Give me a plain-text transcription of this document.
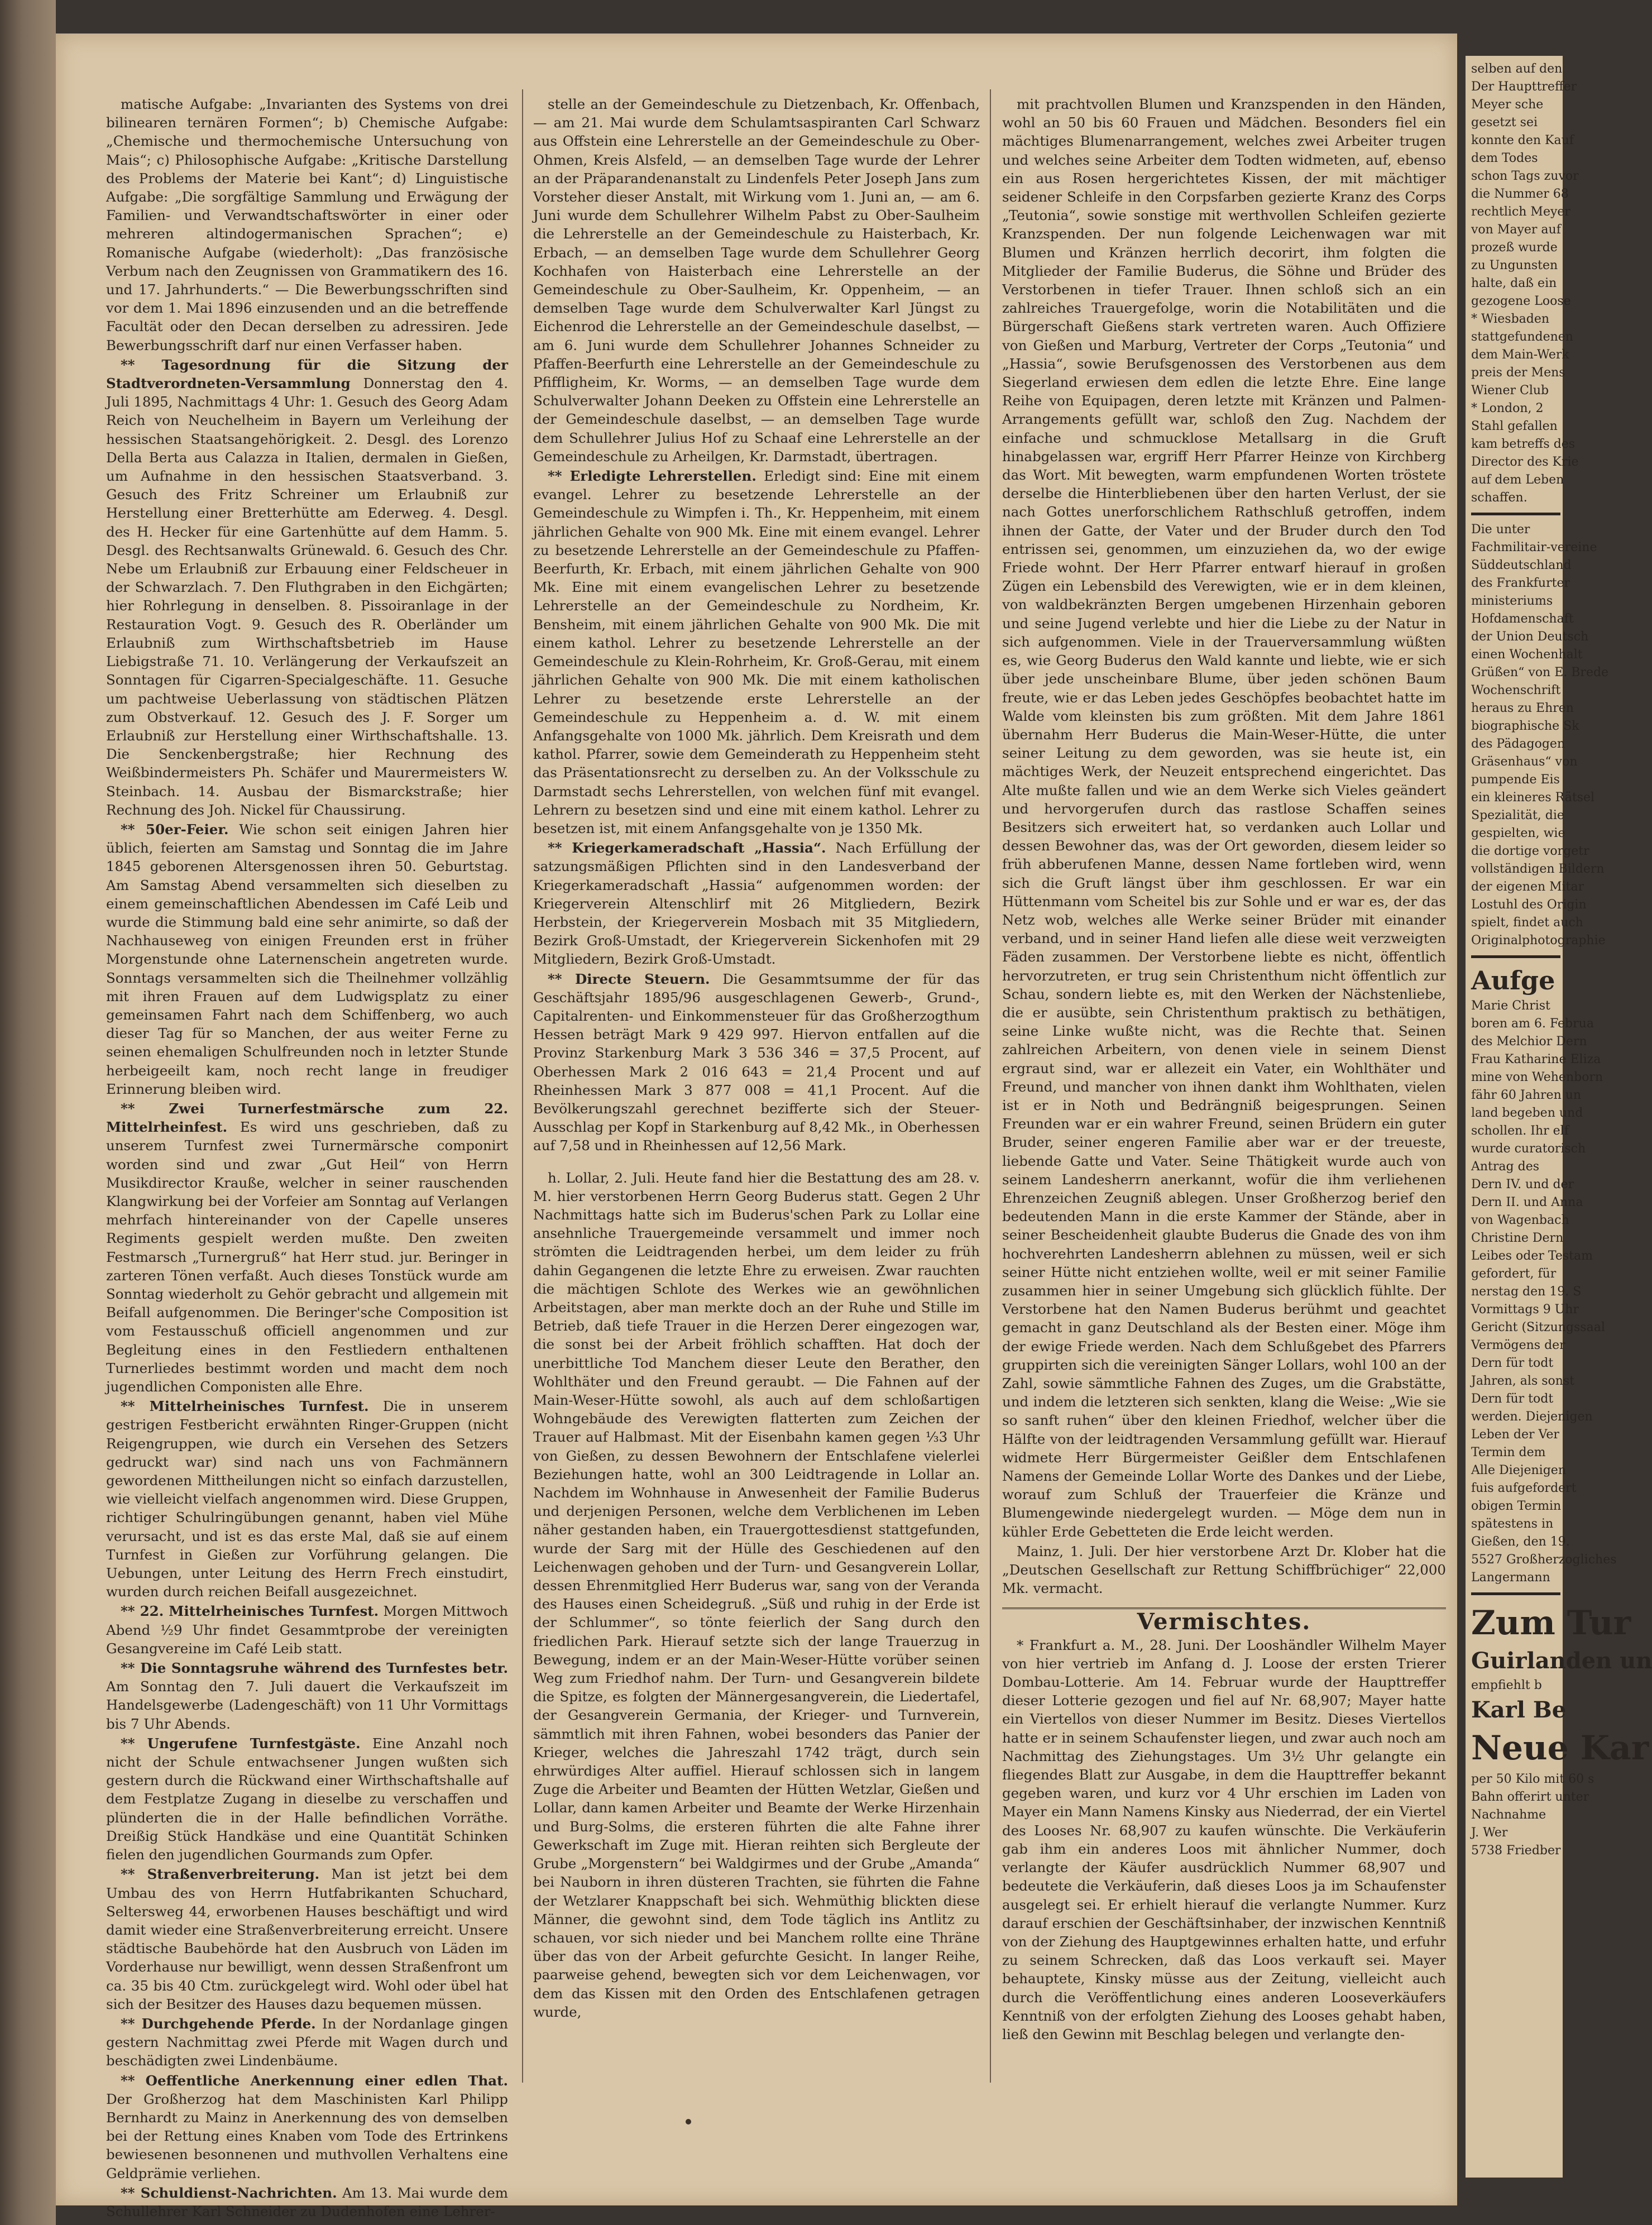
matische Aufgabe: „Invarianten des Systems von drei bilinearen ternären Formen“; b) Chemische Aufgabe: „Chemische und thermochemische Untersuchung von Mais“; c) Philosophische Aufgabe: „Kritische Darstellung des Problems der Materie bei Kant“; d) Linguistische Aufgabe: „Die sorgfältige Sammlung und Erwägung der Familien- und Verwandtschaftswörter in einer oder mehreren altindogermanischen Sprachen“; e) Romanische Aufgabe (wiederholt): „Das französische Verbum nach den Zeugnissen von Grammatikern des 16. und 17. Jahrhunderts.“ — Die Bewerbungsschriften sind vor dem 1. Mai 1896 einzusenden und an die betreffende Facultät oder den Decan derselben zu adressiren. Jede Bewerbungsschrift darf nur einen Verfasser haben.

** Tagesordnung für die Sitzung der Stadtverordneten-Versammlung Donnerstag den 4. Juli 1895, Nachmittags 4 Uhr: 1. Gesuch des Georg Adam Reich von Neuchelheim in Bayern um Verleihung der hessischen Staatsangehörigkeit. 2. Desgl. des Lorenzo Della Berta aus Calazza in Italien, dermalen in Gießen, um Aufnahme in den hessischen Staatsverband. 3. Gesuch des Fritz Schreiner um Erlaubniß zur Herstellung einer Bretterhütte am Ederweg. 4. Desgl. des H. Hecker für eine Gartenhütte auf dem Hamm. 5. Desgl. des Rechtsanwalts Grünewald. 6. Gesuch des Chr. Nebe um Erlaubniß zur Erbauung einer Feldscheuer in der Schwarzlach. 7. Den Fluthgraben in den Eichgärten; hier Rohrlegung in denselben. 8. Pissoiranlage in der Restauration Vogt. 9. Gesuch des R. Oberländer um Erlaubniß zum Wirthschaftsbetrieb im Hause Liebigstraße 71. 10. Verlängerung der Verkaufszeit an Sonntagen für Cigarren-Specialgeschäfte. 11. Gesuche um pachtweise Ueberlassung von städtischen Plätzen zum Obstverkauf. 12. Gesuch des J. F. Sorger um Erlaubniß zur Herstellung einer Wirthschaftshalle. 13. Die Senckenbergstraße; hier Rechnung des Weißbindermeisters Ph. Schäfer und Maurermeisters W. Steinbach. 14. Ausbau der Bismarckstraße; hier Rechnung des Joh. Nickel für Chaussirung.

** 50er-Feier. Wie schon seit einigen Jahren hier üblich, feierten am Samstag und Sonntag die im Jahre 1845 geborenen Altersgenossen ihren 50. Geburtstag. Am Samstag Abend versammelten sich dieselben zu einem gemeinschaftlichen Abendessen im Café Leib und wurde die Stimmung bald eine sehr animirte, so daß der Nachhauseweg von einigen Freunden erst in früher Morgenstunde ohne Laternenschein angetreten wurde. Sonntags versammelten sich die Theilnehmer vollzählig mit ihren Frauen auf dem Ludwigsplatz zu einer gemeinsamen Fahrt nach dem Schiffenberg, wo auch dieser Tag für so Manchen, der aus weiter Ferne zu seinen ehemaligen Schulfreunden noch in letzter Stunde herbeigeeilt kam, noch recht lange in freudiger Erinnerung bleiben wird.

** Zwei Turnerfestmärsche zum 22. Mittelrheinfest. Es wird uns geschrieben, daß zu unserem Turnfest zwei Turnermärsche componirt worden sind und zwar „Gut Heil“ von Herrn Musikdirector Krauße, welcher in seiner rauschenden Klangwirkung bei der Vorfeier am Sonntag auf Verlangen mehrfach hintereinander von der Capelle unseres Regiments gespielt werden mußte. Den zweiten Festmarsch „Turnergruß“ hat Herr stud. jur. Beringer in zarteren Tönen verfaßt. Auch dieses Tonstück wurde am Sonntag wiederholt zu Gehör gebracht und allgemein mit Beifall aufgenommen. Die Beringer'sche Composition ist vom Festausschuß officiell angenommen und zur Begleitung eines in den Festliedern enthaltenen Turnerliedes bestimmt worden und macht dem noch jugendlichen Componisten alle Ehre.

** Mittelrheinisches Turnfest. Die in unserem gestrigen Festbericht erwähnten Ringer-Gruppen (nicht Reigengruppen, wie durch ein Versehen des Setzers gedruckt war) sind nach uns von Fachmännern gewordenen Mittheilungen nicht so einfach darzustellen, wie vielleicht vielfach angenommen wird. Diese Gruppen, richtiger Schulringübungen genannt, haben viel Mühe verursacht, und ist es das erste Mal, daß sie auf einem Turnfest in Gießen zur Vorführung gelangen. Die Uebungen, unter Leitung des Herrn Frech einstudirt, wurden durch reichen Beifall ausgezeichnet.

** 22. Mittelrheinisches Turnfest. Morgen Mittwoch Abend ½9 Uhr findet Gesammtprobe der vereinigten Gesangvereine im Café Leib statt.

** Die Sonntagsruhe während des Turnfestes betr. Am Sonntag den 7. Juli dauert die Verkaufszeit im Handelsgewerbe (Ladengeschäft) von 11 Uhr Vormittags bis 7 Uhr Abends.

** Ungerufene Turnfestgäste. Eine Anzahl noch nicht der Schule entwachsener Jungen wußten sich gestern durch die Rückwand einer Wirthschaftshalle auf dem Festplatze Zugang in dieselbe zu verschaffen und plünderten die in der Halle befindlichen Vorräthe. Dreißig Stück Handkäse und eine Quantität Schinken fielen den jugendlichen Gourmands zum Opfer.

** Straßenverbreiterung. Man ist jetzt bei dem Umbau des von Herrn Hutfabrikanten Schuchard, Seltersweg 44, erworbenen Hauses beschäftigt und wird damit wieder eine Straßenverbreiterung erreicht. Unsere städtische Baubehörde hat den Ausbruch von Läden im Vorderhause nur bewilligt, wenn dessen Straßenfront um ca. 35 bis 40 Ctm. zurückgelegt wird. Wohl oder übel hat sich der Besitzer des Hauses dazu bequemen müssen.

** Durchgehende Pferde. In der Nordanlage gingen gestern Nachmittag zwei Pferde mit Wagen durch und beschädigten zwei Lindenbäume.

** Oeffentliche Anerkennung einer edlen That. Der Großherzog hat dem Maschinisten Karl Philipp Bernhardt zu Mainz in Anerkennung des von demselben bei der Rettung eines Knaben vom Tode des Ertrinkens bewiesenen besonnenen und muthvollen Verhaltens eine Geldprämie verliehen.

** Schuldienst-Nachrichten. Am 13. Mai wurde dem Schullehrer Karl Schneider zu Dudenhofen eine Lehrer-

stelle an der Gemeindeschule zu Dietzenbach, Kr. Offenbach, — am 21. Mai wurde dem Schulamtsaspiranten Carl Schwarz aus Offstein eine Lehrerstelle an der Gemeindeschule zu Ober-Ohmen, Kreis Alsfeld, — an demselben Tage wurde der Lehrer an der Präparandenanstalt zu Lindenfels Peter Joseph Jans zum Vorsteher dieser Anstalt, mit Wirkung vom 1. Juni an, — am 6. Juni wurde dem Schullehrer Wilhelm Pabst zu Ober-Saulheim die Lehrerstelle an der Gemeindeschule zu Haisterbach, Kr. Erbach, — an demselben Tage wurde dem Schullehrer Georg Kochhafen von Haisterbach eine Lehrerstelle an der Gemeindeschule zu Ober-Saulheim, Kr. Oppenheim, — an demselben Tage wurde dem Schulverwalter Karl Jüngst zu Eichenrod die Lehrerstelle an der Gemeindeschule daselbst, — am 6. Juni wurde dem Schullehrer Johannes Schneider zu Pfaffen-Beerfurth eine Lehrerstelle an der Gemeindeschule zu Pfiffligheim, Kr. Worms, — an demselben Tage wurde dem Schulverwalter Johann Deeken zu Offstein eine Lehrerstelle an der Gemeindeschule daselbst, — an demselben Tage wurde dem Schullehrer Julius Hof zu Schaaf eine Lehrerstelle an der Gemeindeschule zu Arheilgen, Kr. Darmstadt, übertragen.

** Erledigte Lehrerstellen. Erledigt sind: Eine mit einem evangel. Lehrer zu besetzende Lehrerstelle an der Gemeindeschule zu Wimpfen i. Th., Kr. Heppenheim, mit einem jährlichen Gehalte von 900 Mk. Eine mit einem evangel. Lehrer zu besetzende Lehrerstelle an der Gemeindeschule zu Pfaffen-Beerfurth, Kr. Erbach, mit einem jährlichen Gehalte von 900 Mk. Eine mit einem evangelischen Lehrer zu besetzende Lehrerstelle an der Gemeindeschule zu Nordheim, Kr. Bensheim, mit einem jährlichen Gehalte von 900 Mk. Die mit einem kathol. Lehrer zu besetzende Lehrerstelle an der Gemeindeschule zu Klein-Rohrheim, Kr. Groß-Gerau, mit einem jährlichen Gehalte von 900 Mk. Die mit einem katholischen Lehrer zu besetzende erste Lehrerstelle an der Gemeindeschule zu Heppenheim a. d. W. mit einem Anfangsgehalte von 1000 Mk. jährlich. Dem Kreisrath und dem kathol. Pfarrer, sowie dem Gemeinderath zu Heppenheim steht das Präsentationsrecht zu derselben zu. An der Volksschule zu Darmstadt sechs Lehrerstellen, von welchen fünf mit evangel. Lehrern zu besetzen sind und eine mit einem kathol. Lehrer zu besetzen ist, mit einem Anfangsgehalte von je 1350 Mk.

** Kriegerkameradschaft „Hassia“. Nach Erfüllung der satzungsmäßigen Pflichten sind in den Landesverband der Kriegerkameradschaft „Hassia“ aufgenommen worden: der Kriegerverein Altenschlirf mit 26 Mitgliedern, Bezirk Herbstein, der Kriegerverein Mosbach mit 35 Mitgliedern, Bezirk Groß-Umstadt, der Kriegerverein Sickenhofen mit 29 Mitgliedern, Bezirk Groß-Umstadt.

** Directe Steuern. Die Gesammtsumme der für das Geschäftsjahr 1895/96 ausgeschlagenen Gewerb-, Grund-, Capitalrenten- und Einkommensteuer für das Großherzogthum Hessen beträgt Mark 9 429 997. Hiervon entfallen auf die Provinz Starkenburg Mark 3 536 346 = 37,5 Procent, auf Oberhessen Mark 2 016 643 = 21,4 Procent und auf Rheinhessen Mark 3 877 008 = 41,1 Procent. Auf die Bevölkerungszahl gerechnet bezifferte sich der Steuer-Ausschlag per Kopf in Starkenburg auf 8,42 Mk., in Oberhessen auf 7,58 und in Rheinhessen auf 12,56 Mark.

h. Lollar, 2. Juli. Heute fand hier die Bestattung des am 28. v. M. hier verstorbenen Herrn Georg Buderus statt. Gegen 2 Uhr Nachmittags hatte sich im Buderus'schen Park zu Lollar eine ansehnliche Trauergemeinde versammelt und immer noch strömten die Leidtragenden herbei, um dem leider zu früh dahin Gegangenen die letzte Ehre zu erweisen. Zwar rauchten die mächtigen Schlote des Werkes wie an gewöhnlichen Arbeitstagen, aber man merkte doch an der Ruhe und Stille im Betrieb, daß tiefe Trauer in die Herzen Derer eingezogen war, die sonst bei der Arbeit fröhlich schafften. Hat doch der unerbittliche Tod Manchem dieser Leute den Berather, den Wohlthäter und den Freund geraubt. — Die Fahnen auf der Main-Weser-Hütte sowohl, als auch auf dem schloßartigen Wohngebäude des Verewigten flatterten zum Zeichen der Trauer auf Halbmast. Mit der Eisenbahn kamen gegen ⅓3 Uhr von Gießen, zu dessen Bewohnern der Entschlafene vielerlei Beziehungen hatte, wohl an 300 Leidtragende in Lollar an. Nachdem im Wohnhause in Anwesenheit der Familie Buderus und derjenigen Personen, welche dem Verblichenen im Leben näher gestanden haben, ein Trauergottesdienst stattgefunden, wurde der Sarg mit der Hülle des Geschiedenen auf den Leichenwagen gehoben und der Turn- und Gesangverein Lollar, dessen Ehrenmitglied Herr Buderus war, sang von der Veranda des Hauses einen Scheidegruß. „Süß und ruhig in der Erde ist der Schlummer“, so tönte feierlich der Sang durch den friedlichen Park. Hierauf setzte sich der lange Trauerzug in Bewegung, indem er an der Main-Weser-Hütte vorüber seinen Weg zum Friedhof nahm. Der Turn- und Gesangverein bildete die Spitze, es folgten der Männergesangverein, die Liedertafel, der Gesangverein Germania, der Krieger- und Turnverein, sämmtlich mit ihren Fahnen, wobei besonders das Panier der Krieger, welches die Jahreszahl 1742 trägt, durch sein ehrwürdiges Alter auffiel. Hierauf schlossen sich in langem Zuge die Arbeiter und Beamten der Hütten Wetzlar, Gießen und Lollar, dann kamen Arbeiter und Beamte der Werke Hirzenhain und Burg-Solms, die ersteren führten die alte Fahne ihrer Gewerkschaft im Zuge mit. Hieran reihten sich Bergleute der Grube „Morgenstern“ bei Waldgirmes und der Grube „Amanda“ bei Nauborn in ihren düsteren Trachten, sie führten die Fahne der Wetzlarer Knappschaft bei sich. Wehmüthig blickten diese Männer, die gewohnt sind, dem Tode täglich ins Antlitz zu schauen, vor sich nieder und bei Manchem rollte eine Thräne über das von der Arbeit gefurchte Gesicht. In langer Reihe, paarweise gehend, bewegten sich vor dem Leichenwagen, vor dem das Kissen mit den Orden des Entschlafenen getragen wurde,

mit prachtvollen Blumen und Kranzspenden in den Händen, wohl an 50 bis 60 Frauen und Mädchen. Besonders fiel ein mächtiges Blumenarrangement, welches zwei Arbeiter trugen und welches seine Arbeiter dem Todten widmeten, auf, ebenso ein aus Rosen hergerichtetes Kissen, der mit mächtiger seidener Schleife in den Corpsfarben gezierte Kranz des Corps „Teutonia“, sowie sonstige mit werthvollen Schleifen gezierte Kranzspenden. Der nun folgende Leichenwagen war mit Blumen und Kränzen herrlich decorirt, ihm folgten die Mitglieder der Familie Buderus, die Söhne und Brüder des Verstorbenen in tiefer Trauer. Ihnen schloß sich an ein zahlreiches Trauergefolge, worin die Notabilitäten und die Bürgerschaft Gießens stark vertreten waren. Auch Offiziere von Gießen und Marburg, Vertreter der Corps „Teutonia“ und „Hassia“, sowie Berufsgenossen des Verstorbenen aus dem Siegerland erwiesen dem edlen die letzte Ehre. Eine lange Reihe von Equipagen, deren letzte mit Kränzen und Palmen-Arrangements gefüllt war, schloß den Zug. Nachdem der einfache und schmucklose Metallsarg in die Gruft hinabgelassen war, ergriff Herr Pfarrer Heinze von Kirchberg das Wort. Mit bewegten, warm empfundenen Worten tröstete derselbe die Hinterbliebenen über den harten Verlust, der sie nach Gottes unerforschlichem Rathschluß getroffen, indem ihnen der Gatte, der Vater und der Bruder durch den Tod entrissen sei, genommen, um einzuziehen da, wo der ewige Friede wohnt. Der Herr Pfarrer entwarf hierauf in großen Zügen ein Lebensbild des Verewigten, wie er in dem kleinen, von waldbekränzten Bergen umgebenen Hirzenhain geboren und seine Jugend verlebte und hier die Liebe zu der Natur in sich aufgenommen. Viele in der Trauerversammlung wüßten es, wie Georg Buderus den Wald kannte und liebte, wie er sich über jede unscheinbare Blume, über jeden schönen Baum freute, wie er das Leben jedes Geschöpfes beobachtet hatte im Walde vom kleinsten bis zum größten. Mit dem Jahre 1861 übernahm Herr Buderus die Main-Weser-Hütte, die unter seiner Leitung zu dem geworden, was sie heute ist, ein mächtiges Werk, der Neuzeit entsprechend eingerichtet. Das Alte mußte fallen und wie an dem Werke sich Vieles geändert und hervorgerufen durch das rastlose Schaffen seines Besitzers sich erweitert hat, so verdanken auch Lollar und dessen Bewohner das, was der Ort geworden, diesem leider so früh abberufenen Manne, dessen Name fortleben wird, wenn sich die Gruft längst über ihm geschlossen. Er war ein Hüttenmann vom Scheitel bis zur Sohle und er war es, der das Netz wob, welches alle Werke seiner Brüder mit einander verband, und in seiner Hand liefen alle diese weit verzweigten Fäden zusammen. Der Verstorbene liebte es nicht, öffentlich hervorzutreten, er trug sein Christenthum nicht öffentlich zur Schau, sondern liebte es, mit den Werken der Nächstenliebe, die er ausübte, sein Christenthum praktisch zu bethätigen, seine Linke wußte nicht, was die Rechte that. Seinen zahlreichen Arbeitern, von denen viele in seinem Dienst ergraut sind, war er allezeit ein Vater, ein Wohlthäter und Freund, und mancher von ihnen dankt ihm Wohlthaten, vielen ist er in Noth und Bedrängniß beigesprungen. Seinen Freunden war er ein wahrer Freund, seinen Brüdern ein guter Bruder, seiner engeren Familie aber war er der treueste, liebende Gatte und Vater. Seine Thätigkeit wurde auch von seinem Landesherrn anerkannt, wofür die ihm verliehenen Ehrenzeichen Zeugniß ablegen. Unser Großherzog berief den bedeutenden Mann in die erste Kammer der Stände, aber in seiner Bescheidenheit glaubte Buderus die Gnade des von ihm hochverehrten Landesherrn ablehnen zu müssen, weil er sich seiner Hütte nicht entziehen wollte, weil er mit seiner Familie zusammen hier in seiner Umgebung sich glücklich fühlte. Der Verstorbene hat den Namen Buderus berühmt und geachtet gemacht in ganz Deutschland als der Besten einer. Möge ihm der ewige Friede werden. Nach dem Schlußgebet des Pfarrers gruppirten sich die vereinigten Sänger Lollars, wohl 100 an der Zahl, sowie sämmtliche Fahnen des Zuges, um die Grabstätte, und indem die letzteren sich senkten, klang die Weise: „Wie sie so sanft ruhen“ über den kleinen Friedhof, welcher über die Hälfte von der leidtragenden Versammlung gefüllt war. Hierauf widmete Herr Bürgermeister Geißler dem Entschlafenen Namens der Gemeinde Lollar Worte des Dankes und der Liebe, worauf zum Schluß der Trauerfeier die Kränze und Blumengewinde niedergelegt wurden. — Möge dem nun in kühler Erde Gebetteten die Erde leicht werden.

Mainz, 1. Juli. Der hier verstorbene Arzt Dr. Klober hat die „Deutschen Gesellschaft zur Rettung Schiffbrüchiger“ 22,000 Mk. vermacht.

Vermischtes.

* Frankfurt a. M., 28. Juni. Der Looshändler Wilhelm Mayer von hier vertrieb im Anfang d. J. Loose der ersten Trierer Dombau-Lotterie. Am 14. Februar wurde der Haupttreffer dieser Lotterie gezogen und fiel auf Nr. 68,907; Mayer hatte ein Viertellos von dieser Nummer im Besitz. Dieses Viertellos hatte er in seinem Schaufenster liegen, und zwar auch noch am Nachmittag des Ziehungstages. Um 3½ Uhr gelangte ein fliegendes Blatt zur Ausgabe, in dem die Haupttreffer bekannt gegeben waren, und kurz vor 4 Uhr erschien im Laden von Mayer ein Mann Namens Kinsky aus Niederrad, der ein Viertel des Looses Nr. 68,907 zu kaufen wünschte. Die Verkäuferin gab ihm ein anderes Loos mit ähnlicher Nummer, doch verlangte der Käufer ausdrücklich Nummer 68,907 und bedeutete die Verkäuferin, daß dieses Loos ja im Schaufenster ausgelegt sei. Er erhielt hierauf die verlangte Nummer. Kurz darauf erschien der Geschäftsinhaber, der inzwischen Kenntniß von der Ziehung des Hauptgewinnes erhalten hatte, und erfuhr zu seinem Schrecken, daß das Loos verkauft sei. Mayer behauptete, Kinsky müsse aus der Zeitung, vielleicht auch durch die Veröffentlichung eines anderen Looseverkäufers Kenntniß von der erfolgten Ziehung des Looses gehabt haben, ließ den Gewinn mit Beschlag belegen und verlangte den-

selben auf den
Der Haupttreffer
Meyer sche
gesetzt sei
konnte den Kauf
dem Todes
schon Tags zuvor
die Nummer 68
rechtlich Meyer
von Mayer auf
prozeß wurde
zu Ungunsten
halte, daß ein
gezogene Loose
* Wiesbaden
stattgefundenen
dem Main-Werk
preis der Mens
Wiener Club
* London, 2
Stahl gefallen
kam betreffs des
Director des Krie
auf dem Leben
schaffen.
Die unter
Fachmilitair-vereine
Süddeutschland
des Frankfurter
ministeriums
Hofdamenschaft
der Union Deutsch
einen Wochenhalt
Grüßen“ von E. Brede
Wochenschrift
heraus zu Ehren
biographische Sk
des Pädagogen
Gräsenhaus“ von
pumpende Eis
ein kleineres Rätsel
Spezialität, die
gespielten, wie
die dortige vorgetr
vollständigen Bildern
der eigenen Mitar
Lostuhl des Origin
spielt, findet auch
Originalphotographie
Aufge
Marie Christ
boren am 6. Februa
des Melchior Dern
Frau Katharine Eliza
mine von Wehenborn
fähr 60 Jahren un
land begeben und
schollen. Ihr elf
wurde curatorisch
Antrag des
Dern IV. und der
Dern II. und Anna
von Wagenbach
Christine Dern
Leibes oder Testam
gefordert, für
nerstag den 19. S
Vormittags 9 Uhr
Gericht (Sitzungssaal
Vermögens der
Dern für todt
Jahren, als sonst
Dern für todt
werden. Diejenigen
Leben der Ver
Termin dem
Alle Diejenigen
fuis aufgefordert
obigen Termin
spätestens in
Gießen, den 19.
5527 Großherzogliches
Langermann
Zum Tur
Guirlanden un
empfiehlt b
Karl Be
Neue Kar
per 50 Kilo mit 60 s
Bahn offerirt unter
Nachnahme
J. Wer
5738 Friedber
